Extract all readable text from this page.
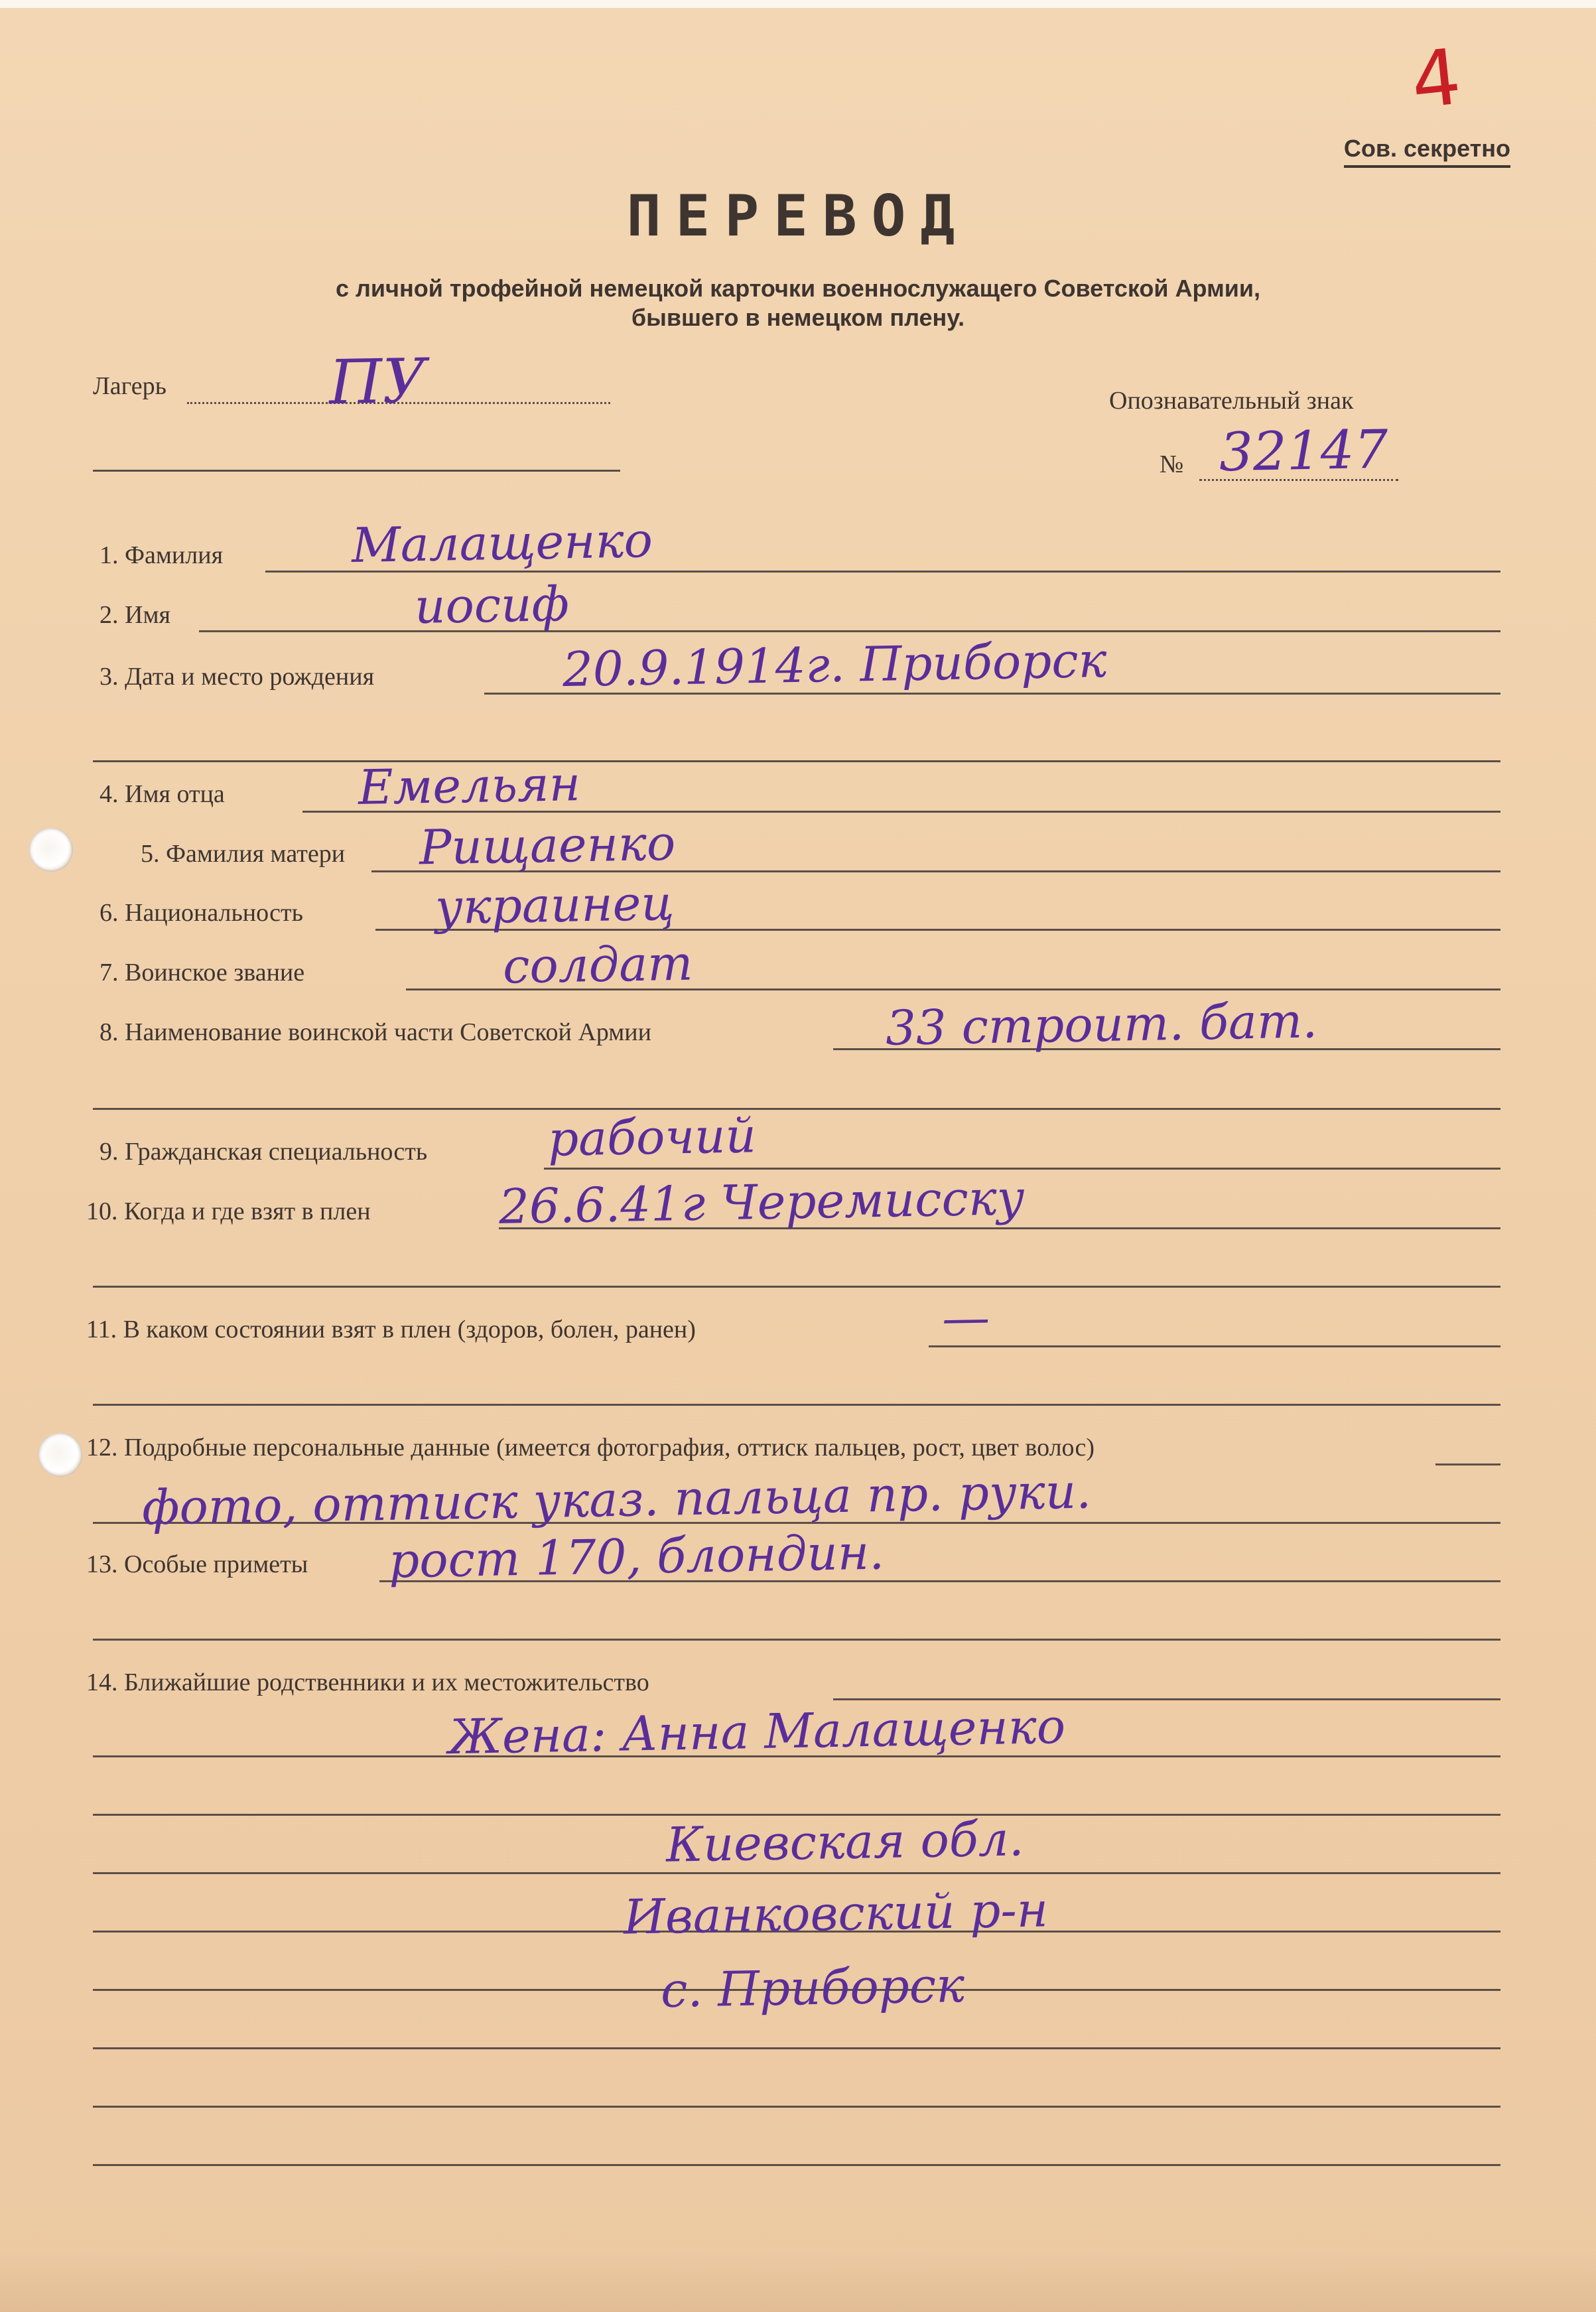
4
Сов. секретно
ПЕРЕВОД
с личной трофейной немецкой карточки военнослужащего Советской Армии,
бывшего в немецком плену.
Лагерь	ПУ	Опознавательный знак
№ 32147
1. Фамилия	Малащенко
2. Имя	иосиф
3. Дата и место рождения	20.9.1914г. Приборск
4. Имя отца	Емельян
5. Фамилия матери Рищаенко
6. Национальность	украинец
7. Воинское звание	солдат
8. Наименование воинской части Советской Армии	33 строит. бат.
9. Гражданская специальность	рабочий
10. Когда и где взят в плен	26.6.41г Черемисску
11. В каком состоянии взят в плен (здоров, болен, ранен)	—
12. Подробные персональные данные (имеется фотография, оттиск пальцев, рост, цвет волос)
фото, оттиск указ. пальца пр. руки.
13. Особые приметы рост 170, блондин.
14. Ближайшие родственники и их местожительство
Жена: Анна Малащенко
Киевская обл.
Иванковский р-н
с. Приборск
